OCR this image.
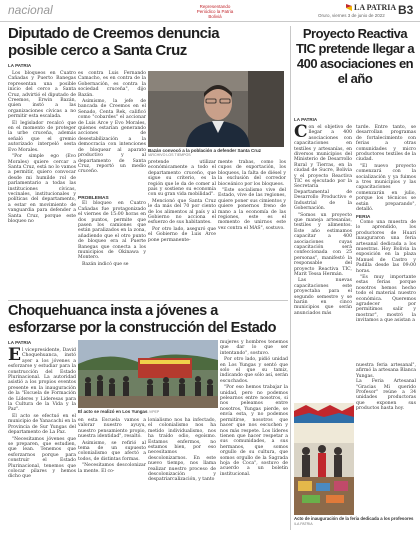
nacional	Representando Periódico la Patria Boliviá
LA PATRIA
Oruro, viernes 3 de junio de 2022 B3
Diputado de Creemos denuncia
posible cerco a Santa Cruz
LA PATRIA

Los bloqueos en Cuatro Cañadas y Puerto Banegas representan una posible inicio del cerco a Santa Cruz, advirtió el diputado de Creemos, Erwin Bazán, quien instó a las organizaciones cívicas a no permitir esta escalada.

El legislador recalcó que en el momento de proteger la urbe cruceña, además señaló que el gremio autorizado interpeló sesta Evo Morales.

"Por simple ego (Evo Morales) quiere cercar a Santa Cruz, está no lo vamos a permitir, quiero convocar desde mi humilde rol de parlamentario a todas las instituciones cívicas, vecinales, institucionales y políticas del departamento, a estar en movimiento de vanguardia para defender a Santa Cruz, porque este bloqueo no

es contra Luis Fernando Camacho, es en contra de la Gobernación, es contra la sociedad cruceña", dijo Bazán.

Asimismo, la jefe de bancada de Creemos en el Senado, Centa Rek, calificó como "cobardes" el accionar de Luis Arce y Evo Morales, quienes estarían generando acciones de desestabilización a la democracia con intenciones de bloquear al aparato productivo y al departamento de Santa Cruz, reportó un medio cruceño.

Bazán convocó a la población a defender Santa Cruz
/ARCHIVO LOS TIEMPOS

PROBLEMAS

El bloqueo en Cuatro Cañadas fue protagonizado el viernes de 15:00 horas en dos puntos, permite que pasen los camiones que están paralizados en la zona, añadiendo que el otro punto de bloqueo era al Puerte Banegas que conecta a los municipios de Okinawa y Montero.

Bazán indicó que se

pretende utilizar económicamente a todo el departamento cruceño, que sigue su criterio, es la región que le da de comer al país y sostiene su economía con su gran vida mobilidad".

Mencionó que Santa Cruz le da más del 70 por ciento de los alimentos al país y al Gobierno no acciona el esfuerzo de sus habitantes.

Por otro lado, aseguró que el Gobierno de Luis Arce pone permanente-

mente trabas, como los cupos de exportación, los bloqueos, la falta de diésel y la exclusión del corredor bioceánico por los bloqueos.

"Este socialismo vive del Estado, vive de las regiones, quiere poner sus cimientos y quiere ponernos freno de mano a la economía de las regiones, este es el momento de unirnos este vez contra el MAS", sostuvo.

Choquehuanca insta a jóvenes a
esforzarse por la construcción del Estado
LA PATRIA

El vicepresidente, David Choquehuanca, instó ayer a los jóvenes a esforzarse y estudiar para la construcción del Estado Plurinacional. La autoridad asistió a los propios eventos presente en la inauguración de la "Escuela de Formación de Líderes y Lideresas para la Cultura de la Vida y la Paz".

El acto se efectuó en el municipio de Yanacachi en la Provincia de Sur Yungas del departamento de La Paz.

"Necesitamos jóvenes que se preparen, que estudien, que lean. Tenemos que esforzarnos porque para construir el Estado Plurinacional, tenemos que colocar pilares y hemos dicho que

El acto se realizó en Los Yungas /VPEP

en esta Escuela vamos a valorar nuestro ayuyu, nuestro pensamiento propio, nuestra identidad", resaltó.

Asimismo, se refirió al tema de un supuesto colonialismo que afectó a todos, de distintas formas.

"Necesitamos descolonizar la mente. El co-

lonialismo nos ha infectado, el colonialismo nos ha metido individualismo, nos ha traído odio, egoísmo. Estamos enfermos, no estamos bien, por eso necesitamos descolonizarnos. En este nuevo tiempo, nos llama realizar nuestro proceso de descolonización y despatriarcalización, y tanto

mujeres y hombres tenemos que dar lo que ser intentando", sostuvo.

Por otro lado, pidió unidad en Los Yungas y sentó que solo el que su tamiz, indicando que sólo así, serán escuchados.

"Por eso hemos trabajar la unidad, pero no podemos pelearnos entre nosotros, si nos peleamos entre nosotros, Yungas pierde, se envía esta, y no podemos permitirse, nosotros que hacer que nos escuchen y nos más respete. Los líderes tienen que hacer respetar a sus comunidades, a sus hermanos, que somos orgullo de su cultura, que somos orgullo de la Sagrada hoja de Coca", sostuvo de acuerdo a un boletín institucional.

Proyecto Reactiva TIC pretende llegar a 400 asociaciones en el año
LA PATRIA

Con el objetivo de llegar a 400 asociaciones con capacitaciones en textiles y artesanías, en diversos municipios del Ministerio de Desarrollo Rural y Tierras, en la ciudad de Sucre, Bolivia y el proyecto Reactiva TIC es ejecutado por la Secretaría Departamental de Desarrollo Productivo e Industrial de la Gobernación.

"Somos un proyecto que maneja artesanías, textiles y alimentos. Este año estimamos capacitar a 400 asociaciones cuyas capacitación será confeccionada con 25 personas", manifestó la responsable del proyecto Reactiva TIC, Marit Tessa Hermán.

Las nuevas capacitaciones este proyectaba para el segundo semestre y se harán en cinco municipios que serán anunciados más

tarde. Entre tanto, se desarrollan programas de fortalecimiento con ferias a otras comunidades y micro productores textiles de la ciudad.

"El nuevo proyecto comenzará con la socialización y ya fuimos a tres municipios y las capacitaciones comenzarán en julio, porque los técnicos se están preparando", detalló.

FERIA

Como una muestra de lo aprendido, los productores de Huari inauguraron una feria artesanal dedicada a los muestras. Hoy Bolivia la exposición en la plaza Manuel de Castro y Padilla desde las 09:00 horas.

"Es muy importante estas ferias porque nosotros hemos hecho todo el material nuestro económica. Queremos agradecer por permitimos salir y mostrar", mostró la invitamos a que asistan a

nuestra feria artesanal", afirmó la artesana Blanca Yungas.
La Feria Artesanal "Gracias Mi querido Profesor" reúne a 34 unidades productoras que exponen sus productos hasta hoy.

Acto de inauguración de la feria dedicada a los profesores /LA PATRIA
